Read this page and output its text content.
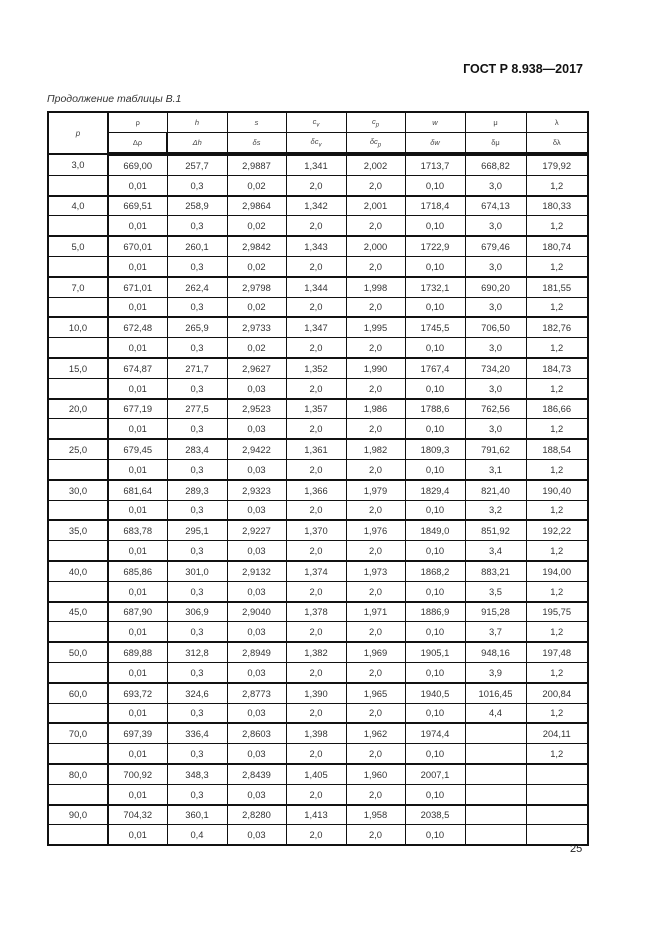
ГОСТ Р 8.938—2017
Продолжение таблицы В.1
p	ρ	h	s	$c_v$	$c_p$	w	μ	λ
	Δρ	Δh	δs	$\delta c_v$	$\delta c_p$	δw	δμ	δλ
3,0	669,00	257,7	2,9887	1,341	2,002	1713,7	668,82	179,92
	0,01	0,3	0,02	2,0	2,0	0,10	3,0	1,2
4,0	669,51	258,9	2,9864	1,342	2,001	1718,4	674,13	180,33
	0,01	0,3	0,02	2,0	2,0	0,10	3,0	1,2
5,0	670,01	260,1	2,9842	1,343	2,000	1722,9	679,46	180,74
	0,01	0,3	0,02	2,0	2,0	0,10	3,0	1,2
7,0	671,01	262,4	2,9798	1,344	1,998	1732,1	690,20	181,55
	0,01	0,3	0,02	2,0	2,0	0,10	3,0	1,2
10,0	672,48	265,9	2,9733	1,347	1,995	1745,5	706,50	182,76
	0,01	0,3	0,02	2,0	2,0	0,10	3,0	1,2
15,0	674,87	271,7	2,9627	1,352	1,990	1767,4	734,20	184,73
	0,01	0,3	0,03	2,0	2,0	0,10	3,0	1,2
20,0	677,19	277,5	2,9523	1,357	1,986	1788,6	762,56	186,66
	0,01	0,3	0,03	2,0	2,0	0,10	3,0	1,2
25,0	679,45	283,4	2,9422	1,361	1,982	1809,3	791,62	188,54
	0,01	0,3	0,03	2,0	2,0	0,10	3,1	1,2
30,0	681,64	289,3	2,9323	1,366	1,979	1829,4	821,40	190,40
	0,01	0,3	0,03	2,0	2,0	0,10	3,2	1,2
35,0	683,78	295,1	2,9227	1,370	1,976	1849,0	851,92	192,22
	0,01	0,3	0,03	2,0	2,0	0,10	3,4	1,2
40,0	685,86	301,0	2,9132	1,374	1,973	1868,2	883,21	194,00
	0,01	0,3	0,03	2,0	2,0	0,10	3,5	1,2
45,0	687,90	306,9	2,9040	1,378	1,971	1886,9	915,28	195,75
	0,01	0,3	0,03	2,0	2,0	0,10	3,7	1,2
50,0	689,88	312,8	2,8949	1,382	1,969	1905,1	948,16	197,48
	0,01	0,3	0,03	2,0	2,0	0,10	3,9	1,2
60,0	693,72	324,6	2,8773	1,390	1,965	1940,5	1016,45	200,84
	0,01	0,3	0,03	2,0	2,0	0,10	4,4	1,2
70,0	697,39	336,4	2,8603	1,398	1,962	1974,4		204,11
	0,01	0,3	0,03	2,0	2,0	0,10		1,2
80,0	700,92	348,3	2,8439	1,405	1,960	2007,1		
	0,01	0,3	0,03	2,0	2,0	0,10		
90,0	704,32	360,1	2,8280	1,413	1,958	2038,5		
	0,01	0,4	0,03	2,0	2,0	0,10		
25
